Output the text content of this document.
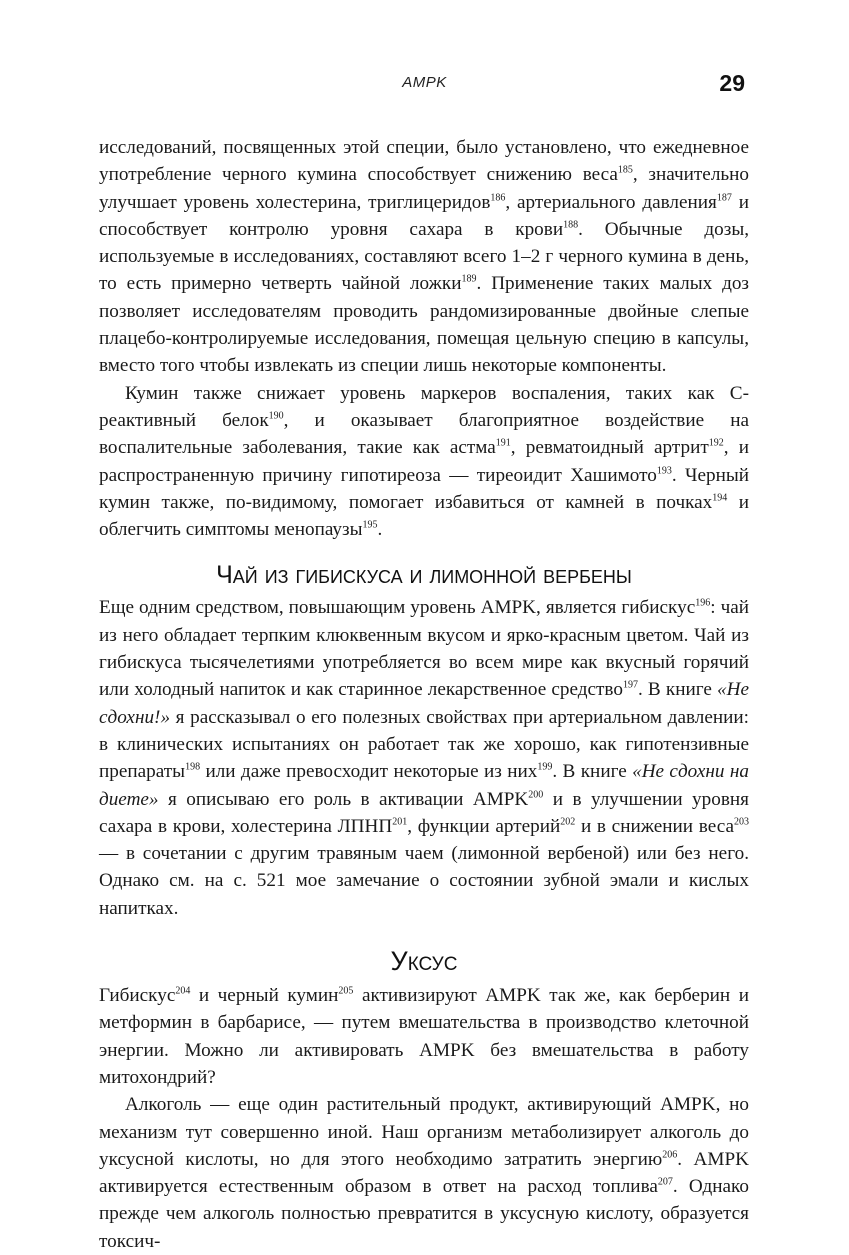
AMPK	29

исследований, посвященных этой специи, было установлено, что ежедневное употребление черного кумина способствует снижению веса$^{185}$, значительно улучшает уровень холестерина, триглицеридов$^{186}$, артериального давления$^{187}$ и способствует контролю уровня сахара в крови$^{188}$. Обычные дозы, используемые в исследованиях, составляют всего 1–2 г черного кумина в день, то есть примерно четверть чайной ложки$^{189}$. Применение таких малых доз позволяет исследователям проводить рандомизированные двойные слепые плацебо-контролируемые исследования, помещая цельную специю в капсулы, вместо того чтобы извлекать из специи лишь некоторые компоненты.

Кумин также снижает уровень маркеров воспаления, таких как С-реактивный белок$^{190}$, и оказывает благоприятное воздействие на воспалительные заболевания, такие как астма$^{191}$, ревматоидный артрит$^{192}$, и распространенную причину гипотиреоза — тиреоидит Хашимото$^{193}$. Черный кумин также, по-видимому, помогает избавиться от камней в почках$^{194}$ и облегчить симптомы менопаузы$^{195}$.

Чай из гибискуса и лимонной вербены

Еще одним средством, повышающим уровень AMPK, является гибискус$^{196}$: чай из него обладает терпким клюквенным вкусом и ярко-красным цветом. Чай из гибискуса тысячелетиями употребляется во всем мире как вкусный горячий или холодный напиток и как старинное лекарственное средство$^{197}$. В книге «Не сдохни!» я рассказывал о его полезных свойствах при артериальном давлении: в клинических испытаниях он работает так же хорошо, как гипотензивные препараты$^{198}$ или даже превосходит некоторые из них$^{199}$. В книге «Не сдохни на диете» я описываю его роль в активации AMPK$^{200}$ и в улучшении уровня сахара в крови, холестерина ЛПНП$^{201}$, функции артерий$^{202}$ и в снижении веса$^{203}$ — в сочетании с другим травяным чаем (лимонной вербеной) или без него. Однако см. на с. 521 мое замечание о состоянии зубной эмали и кислых напитках.

Уксус

Гибискус$^{204}$ и черный кумин$^{205}$ активизируют AMPK так же, как берберин и метформин в барбарисе, — путем вмешательства в производство клеточной энергии. Можно ли активировать AMPK без вмешательства в работу митохондрий?

Алкоголь — еще один растительный продукт, активирующий AMPK, но механизм тут совершенно иной. Наш организм метаболизирует алкоголь до уксусной кислоты, но для этого необходимо затратить энергию$^{206}$. AMPK активируется естественным образом в ответ на расход топлива$^{207}$. Однако прежде чем алкоголь полностью превратится в уксусную кислоту, образуется токсич-
